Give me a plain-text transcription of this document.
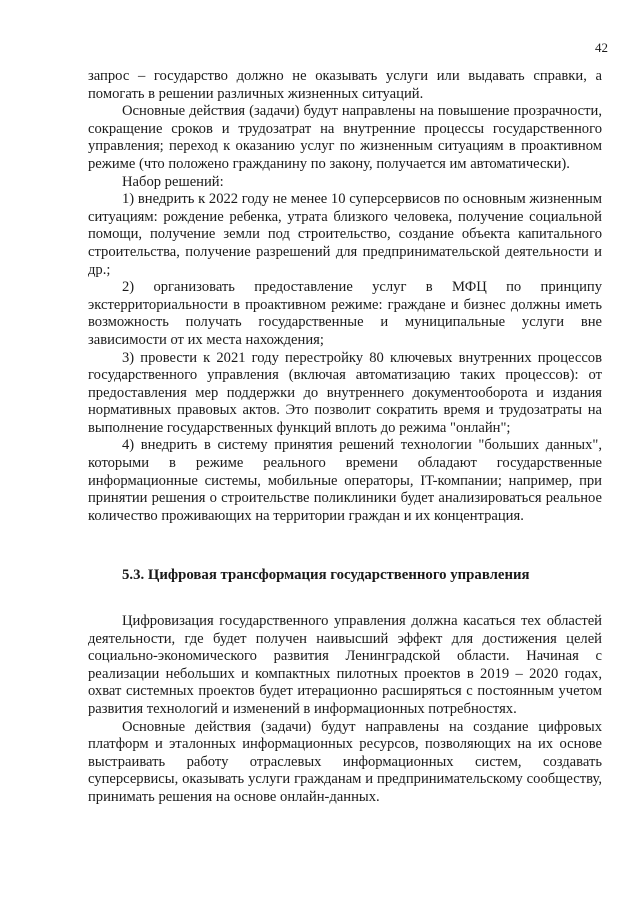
42

запрос – государство должно не оказывать услуги или выдавать справки, а помогать в решении различных жизненных ситуаций.

Основные действия (задачи) будут направлены на повышение прозрачности, сокращение сроков и трудозатрат на внутренние процессы государственного управления; переход к оказанию услуг по жизненным ситуациям в проактивном режиме (что положено гражданину по закону, получается им автоматически).

Набор решений:

1) внедрить к 2022 году не менее 10 суперсервисов по основным жизненным ситуациям: рождение ребенка, утрата близкого человека, получение социальной помощи, получение земли под строительство, создание объекта капитального строительства, получение разрешений для предпринимательской деятельности и др.;

2) организовать предоставление услуг в МФЦ по принципу экстерриториальности в проактивном режиме: граждане и бизнес должны иметь возможность получать государственные и муниципальные услуги вне зависимости от их места нахождения;

3) провести к 2021 году перестройку 80 ключевых внутренних процессов государственного управления (включая автоматизацию таких процессов): от предоставления мер поддержки до внутреннего документооборота и издания нормативных правовых актов. Это позволит сократить время и трудозатраты на выполнение государственных функций вплоть до режима "онлайн";

4) внедрить в систему принятия решений технологии "больших данных", которыми в режиме реального времени обладают государственные информационные системы, мобильные операторы, IT-компании; например, при принятии решения о строительстве поликлиники будет анализироваться реальное количество проживающих на территории граждан и их концентрация.

5.3. Цифровая трансформация государственного управления

Цифровизация государственного управления должна касаться тех областей деятельности, где будет получен наивысший эффект для достижения целей социально-экономического развития Ленинградской области. Начиная с реализации небольших и компактных пилотных проектов в 2019 – 2020 годах, охват системных проектов будет итерационно расширяться с постоянным учетом развития технологий и изменений в информационных потребностях.

Основные действия (задачи) будут направлены на создание цифровых платформ и эталонных информационных ресурсов, позволяющих на их основе выстраивать работу отраслевых информационных систем, создавать суперсервисы, оказывать услуги гражданам и предпринимательскому сообществу, принимать решения на основе онлайн-данных.
